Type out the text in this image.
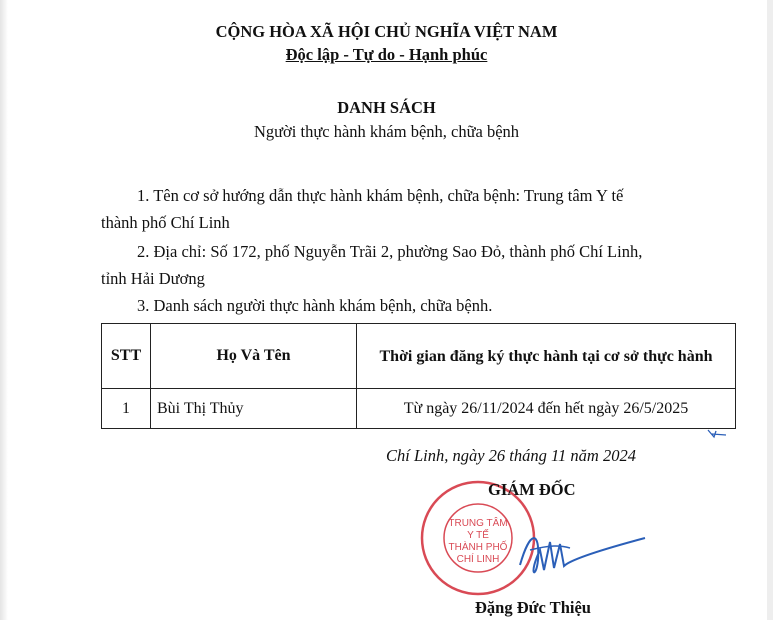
CỘNG HÒA XÃ HỘI CHỦ NGHĨA VIỆT NAM
Độc lập - Tự do - Hạnh phúc
DANH SÁCH
Người thực hành khám bệnh, chữa bệnh
1. Tên cơ sở hướng dẫn thực hành khám bệnh, chữa bệnh: Trung tâm Y tế
thành phố Chí Linh
2. Địa chỉ: Số 172, phố Nguyễn Trãi 2, phường Sao Đỏ, thành phố Chí Linh,
tỉnh Hải Dương
3. Danh sách người thực hành khám bệnh, chữa bệnh.
STT	Họ Và Tên	Thời gian đăng ký thực hành tại cơ sở thực hành
1	Bùi Thị Thủy	Từ ngày 26/11/2024 đến hết ngày 26/5/2025
Chí Linh, ngày 26 tháng 11 năm 2024
TRUNG TÂM
Y TẾ
THÀNH PHỐ
CHÍ LINH
GIÁM ĐỐC
Đặng Đức Thiệu
